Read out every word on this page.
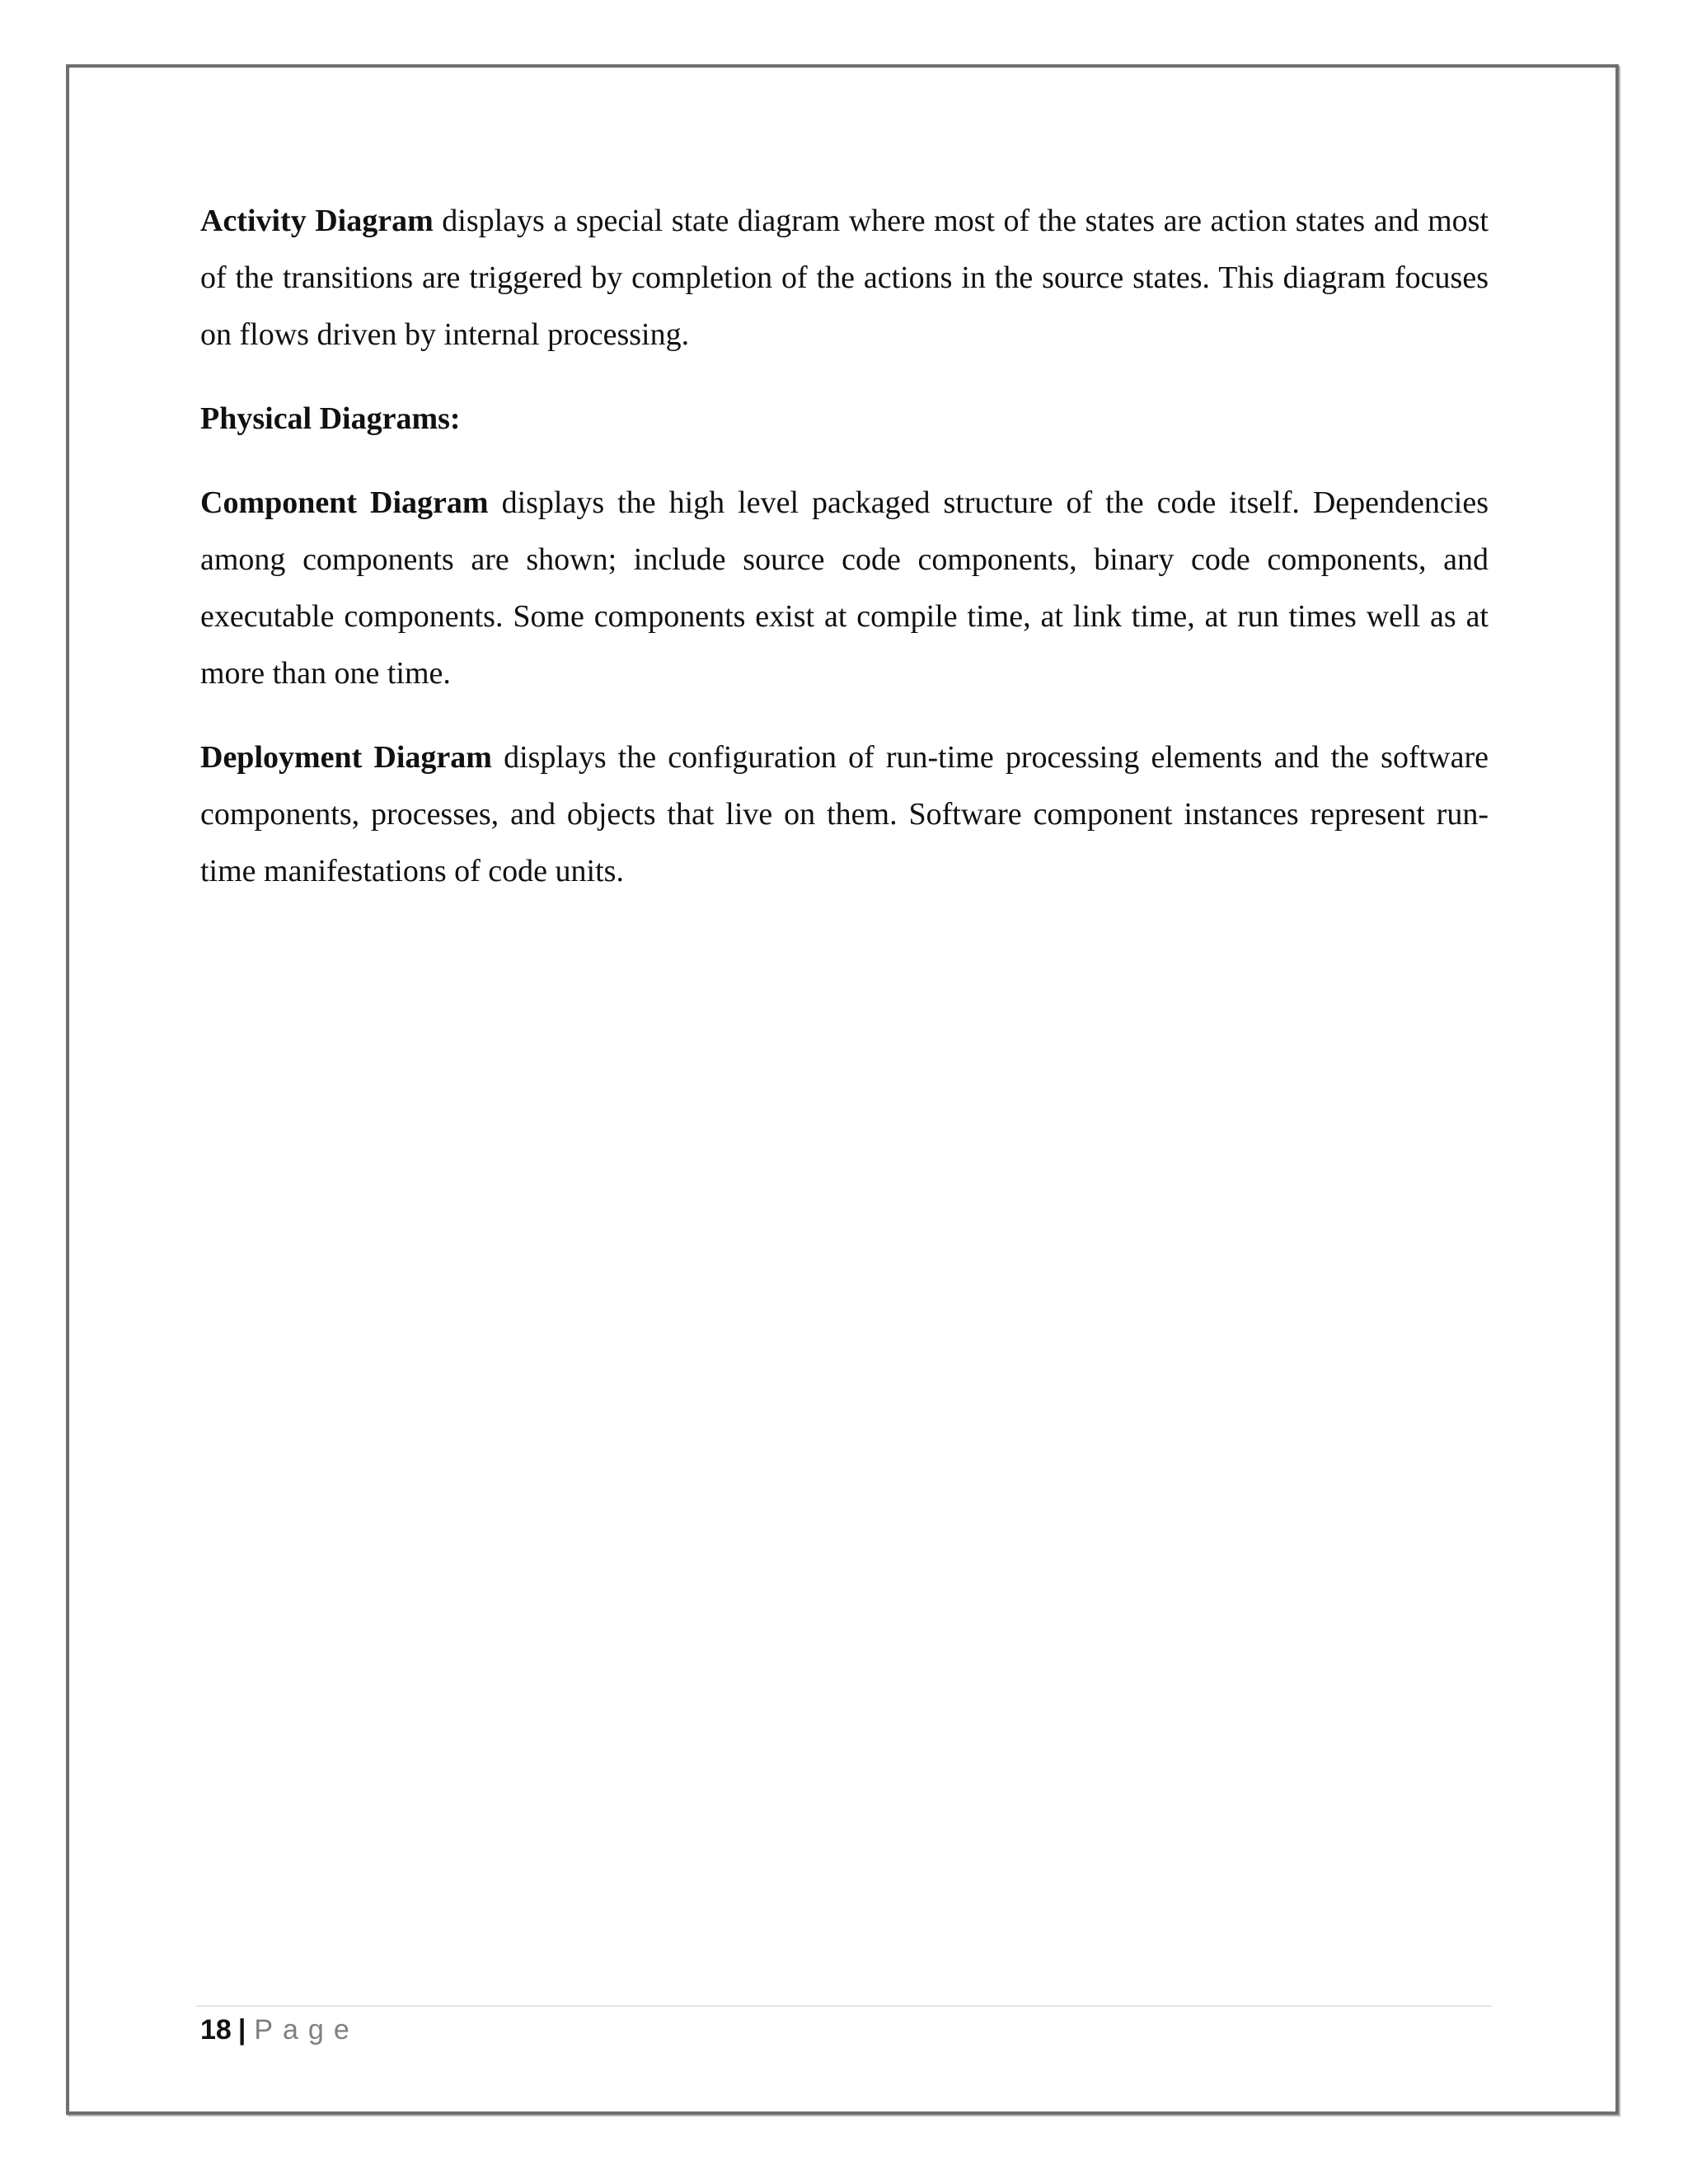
Activity Diagram displays a special state diagram where most of the states are action states and most of the transitions are triggered by completion of the actions in the source states. This diagram focuses on flows driven by internal processing.

Physical Diagrams:

Component Diagram displays the high level packaged structure of the code itself. Dependencies among components are shown; include source code components, binary code components, and executable components. Some components exist at compile time, at link time, at run times well as at more than one time.

Deployment Diagram displays the configuration of run-time processing elements and the software components, processes, and objects that live on them. Software component instances represent run-time manifestations of code units.

18 | Page
